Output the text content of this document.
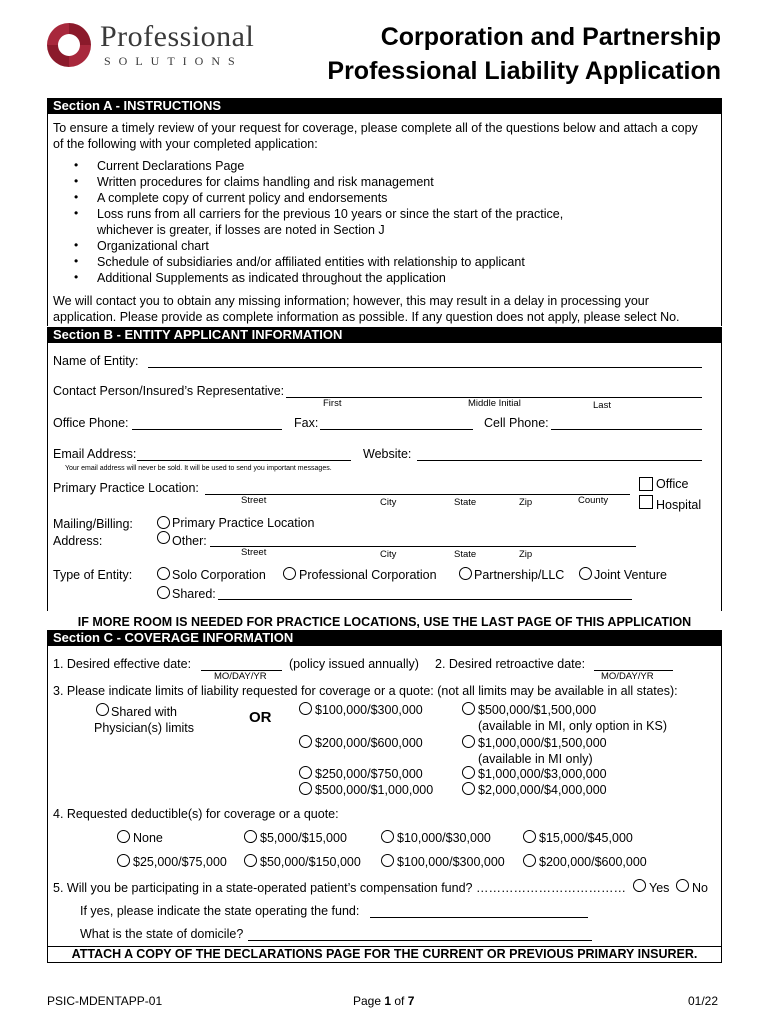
Professional
SOLUTIONS
Corporation and Partnership
Professional Liability Application
Section A - INSTRUCTIONS
To ensure a timely review of your request for coverage, please complete all of the questions below and attach a copy
of the following with your completed application:
• Current Declarations Page
• Written procedures for claims handling and risk management
• A complete copy of current policy and endorsements
• Loss runs from all carriers for the previous 10 years or since the start of the practice,
whichever is greater, if losses are noted in Section J
• Organizational chart
• Schedule of subsidiaries and/or affiliated entities with relationship to applicant
• Additional Supplements as indicated throughout the application
We will contact you to obtain any missing information; however, this may result in a delay in processing your
application. Please provide as complete information as possible. If any question does not apply, please select No.
Section B - ENTITY APPLICANT INFORMATION
Name of Entity:
Contact Person/Insured’s Representative:
First	Middle Initial	Last
Office Phone:	Fax:	Cell Phone:
Email Address:	Website:
Your email address will never be sold. It will be used to send you important messages.
Primary Practice Location:
Street	City	State	Zip	County
Office
Hospital
Mailing/Billing:
Address:
Primary Practice Location
Other:
Street	City	State	Zip
Type of Entity:	Solo Corporation	Professional Corporation	Partnership/LLC Joint Venture
Shared:
IF MORE ROOM IS NEEDED FOR PRACTICE LOCATIONS, USE THE LAST PAGE OF THIS APPLICATION
Section C - COVERAGE INFORMATION
1. Desired effective date:
MO/DAY/YR
(policy issued annually) 2. Desired retroactive date:
MO/DAY/YR
3. Please indicate limits of liability requested for coverage or a quote: (not all limits may be available in all states):
Shared with
Physician(s) limits
OR	$100,000/$300,000
$200,000/$600,000
$250,000/$750,000
$500,000/$1,000,000
$500,000/$1,500,000
(available in MI, only option in KS)
$1,000,000/$1,500,000
(available in MI only)
$1,000,000/$3,000,000
$2,000,000/$4,000,000
4. Requested deductible(s) for coverage or a quote:
None	$5,000/$15,000	$10,000/$30,000	$15,000/$45,000
$25,000/$75,000	$50,000/$150,000	$100,000/$300,000	$200,000/$600,000
5. Will you be participating in a state-operated patient’s compensation fund? ……………………………… Yes No
If yes, please indicate the state operating the fund:
What is the state of domicile?
ATTACH A COPY OF THE DECLARATIONS PAGE FOR THE CURRENT OR PREVIOUS PRIMARY INSURER.
PSIC-MDENTAPP-01	Page 1 of 7	01/22
